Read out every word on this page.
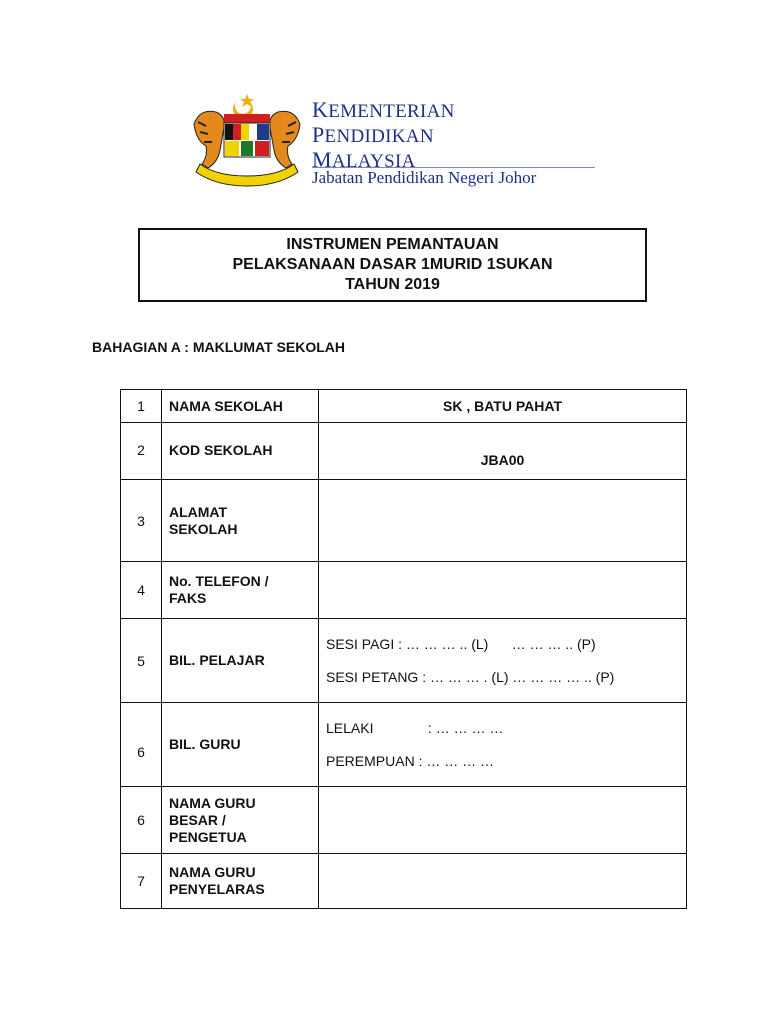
KEMENTERIAN
PENDIDIKAN
MALAYSIA
Jabatan Pendidikan Negeri Johor
INSTRUMEN PEMANTAUAN
PELAKSANAAN DASAR 1MURID 1SUKAN
TAHUN 2019
BAHAGIAN A : MAKLUMAT SEKOLAH
1	NAMA SEKOLAH	SK , BATU PAHAT
2	KOD SEKOLAH	JBA00
3	ALAMAT
SEKOLAH	

4	No. TELEFON /
FAKS	

5	BIL. PELAJAR	SESI PAGI : … … … .. (L)      … … … .. (P)
SESI PETANG : … … … . (L) … … … … .. (P)

6	BIL. GURU	LELAKI              : … … … …
PEREMPUAN : … … … …

6	NAMA GURU
BESAR /
PENGETUA	

7	NAMA GURU
PENYELARAS	
